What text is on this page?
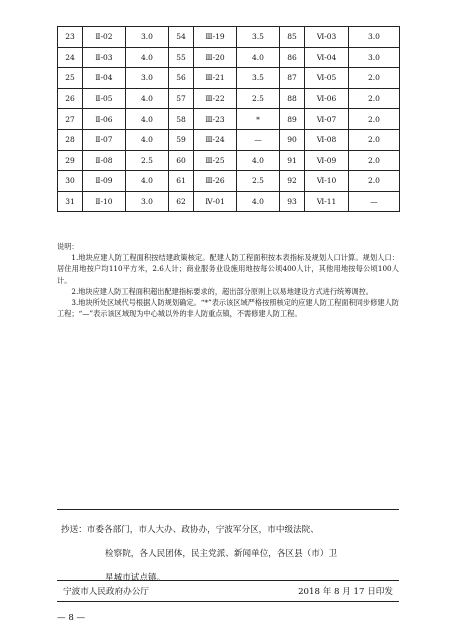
23	Ⅱ-02	3.0	54	Ⅲ-19	3.5	85	Ⅵ-03	3.0
24	Ⅱ-03	4.0	55	Ⅲ-20	4.0	86	Ⅵ-04	3.0
25	Ⅱ-04	3.0	56	Ⅲ-21	3.5	87	Ⅵ-05	2.0
26	Ⅱ-05	4.0	57	Ⅲ-22	2.5	88	Ⅵ-06	2.0
27	Ⅱ-06	4.0	58	Ⅲ-23	*	89	Ⅵ-07	2.0
28	Ⅱ-07	4.0	59	Ⅲ-24	—	90	Ⅵ-08	2.0
29	Ⅱ-08	2.5	60	Ⅲ-25	4.0	91	Ⅵ-09	2.0
30	Ⅱ-09	4.0	61	Ⅲ-26	2.5	92	Ⅵ-10	2.0
31	Ⅱ-10	3.0	62	Ⅳ-01	4.0	93	Ⅵ-11	—
说明：

1.地块应建人防工程面积按结建政策核定。配建人防工程面积按本表指标及规划人口计算。规划人口：居住用地按户均110平方米，2.6人计；商业服务业设施用地按每公顷400人计，其他用地按每公顷100人计。

2.地块应建人防工程面积超出配建指标要求的，超出部分原则上以易地建设方式进行统筹调控。

3.地块所处区域代号根据人防规划确定。“*”表示该区域严格按照核定的应建人防工程面积同步修建人防工程；“—”表示该区域现为中心城以外的非人防重点镇，不需修建人防工程。

抄送：市委各部门，市人大办、政协办，宁波军分区，市中级法院、
检察院，各人民团体，民主党派、新闻单位，各区县（市）卫
星城市试点镇。
宁波市人民政府办公厅	2018 年 8 月 17 日印发
— 8 —
